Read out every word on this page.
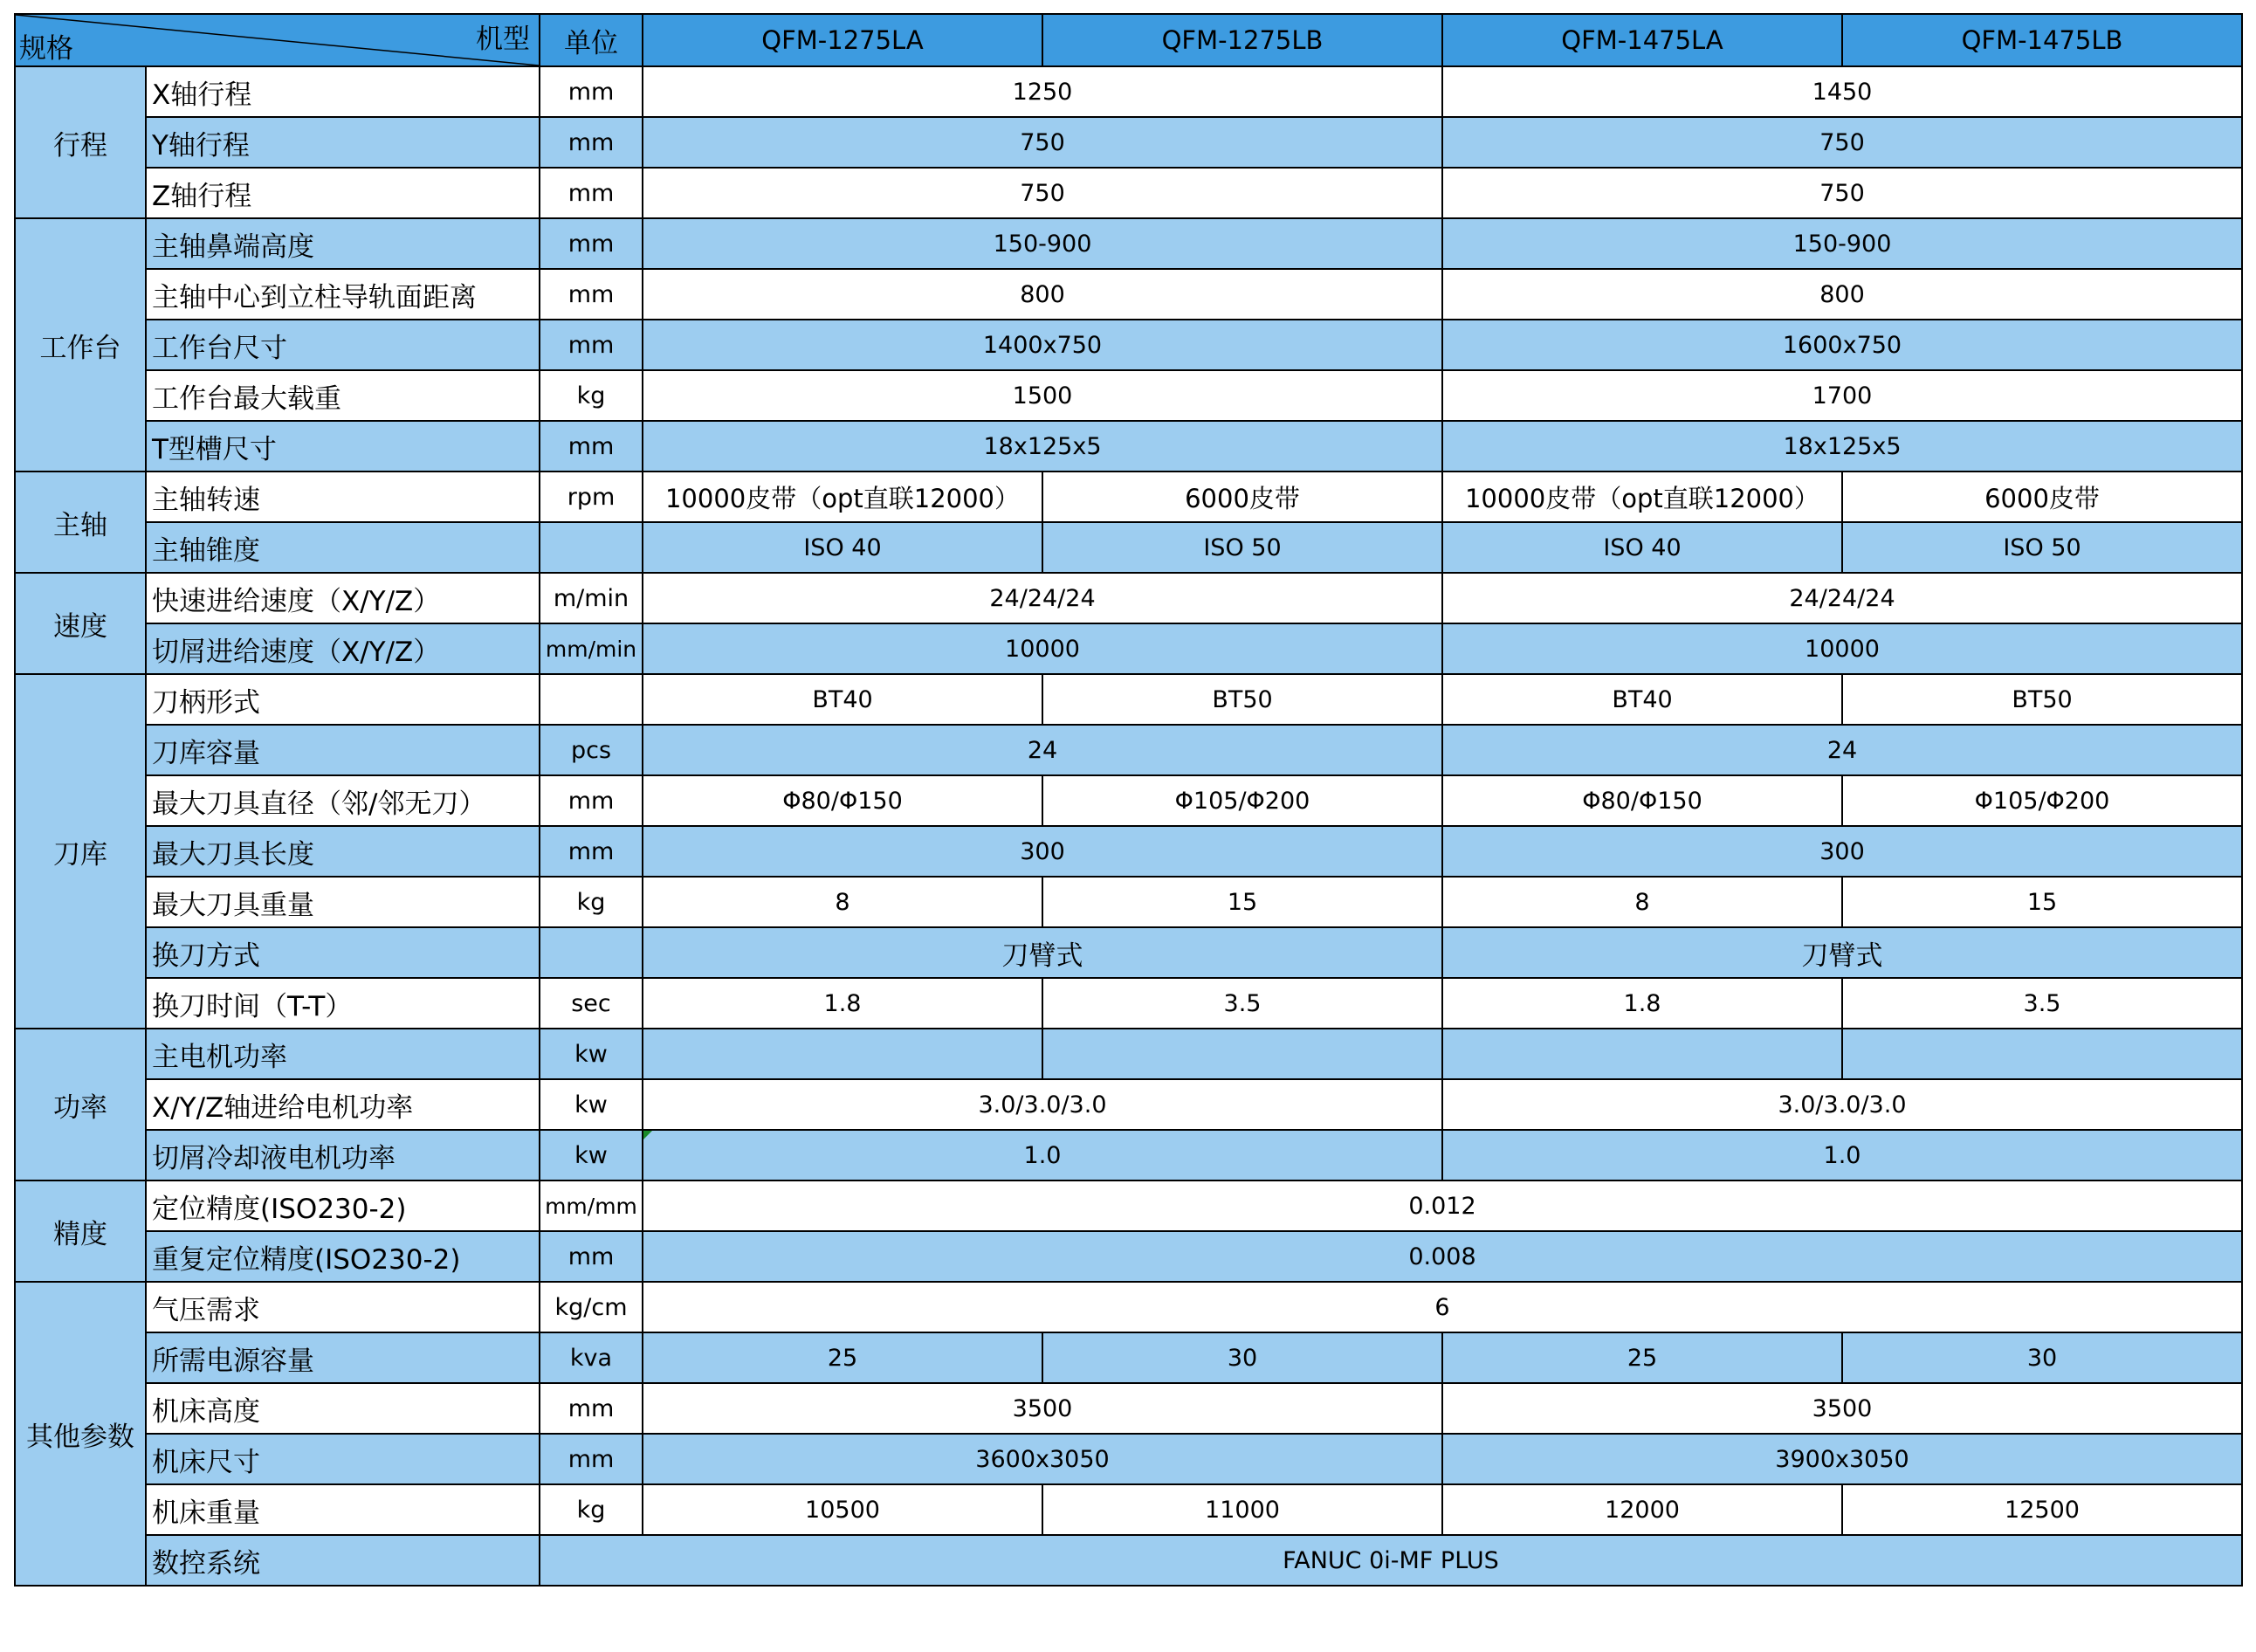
机型
规格		单位	QFM-1275LA	QFM-1275LB	QFM-1475LA	QFM-1475LB
行程	X轴行程	mm	1250		1450	
	Y轴行程	mm	750		750	
	Z轴行程	mm	750		750	
工作台	主轴鼻端高度	mm	150-900		150-900	
	主轴中心到立柱导轨面距离	mm	800		800	
	工作台尺寸	mm	1400x750		1600x750	
	工作台最大载重	kg	1500		1700	
	T型槽尺寸	mm	18x125x5		18x125x5	
主轴	主轴转速	rpm	10000皮带（opt直联12000）	6000皮带	10000皮带（opt直联12000）	6000皮带
	主轴锥度		ISO 40	ISO 50	ISO 40	ISO 50
速度	快速进给速度（X/Y/Z）	m/min	24/24/24		24/24/24	
	切屑进给速度（X/Y/Z）	mm/min	10000		10000	
刀库	刀柄形式		BT40	BT50	BT40	BT50
	刀库容量	pcs	24		24	
	最大刀具直径（邻/邻无刀）	mm	Φ80/Φ150	Φ105/Φ200	Φ80/Φ150	Φ105/Φ200
	最大刀具长度	mm	300		300	
	最大刀具重量	kg	8	15	8	15
	换刀方式		刀臂式		刀臂式	
	换刀时间（T-T）	sec	1.8	3.5	1.8	3.5
功率	主电机功率	kw				
	X/Y/Z轴进给电机功率	kw	3.0/3.0/3.0		3.0/3.0/3.0	
	切屑冷却液电机功率	kw	1.0		1.0	
精度	定位精度(ISO230-2)	mm/mm	0.012			
	重复定位精度(ISO230-2)	mm	0.008			
其他参数	气压需求	kg/cm	6			
	所需电源容量	kva	25	30	25	30
	机床高度	mm	3500		3500	
	机床尺寸	mm	3600x3050		3900x3050	
	机床重量	kg	10500	11000	12000	12500
	数控系统	FANUC 0i-MF PLUS				
